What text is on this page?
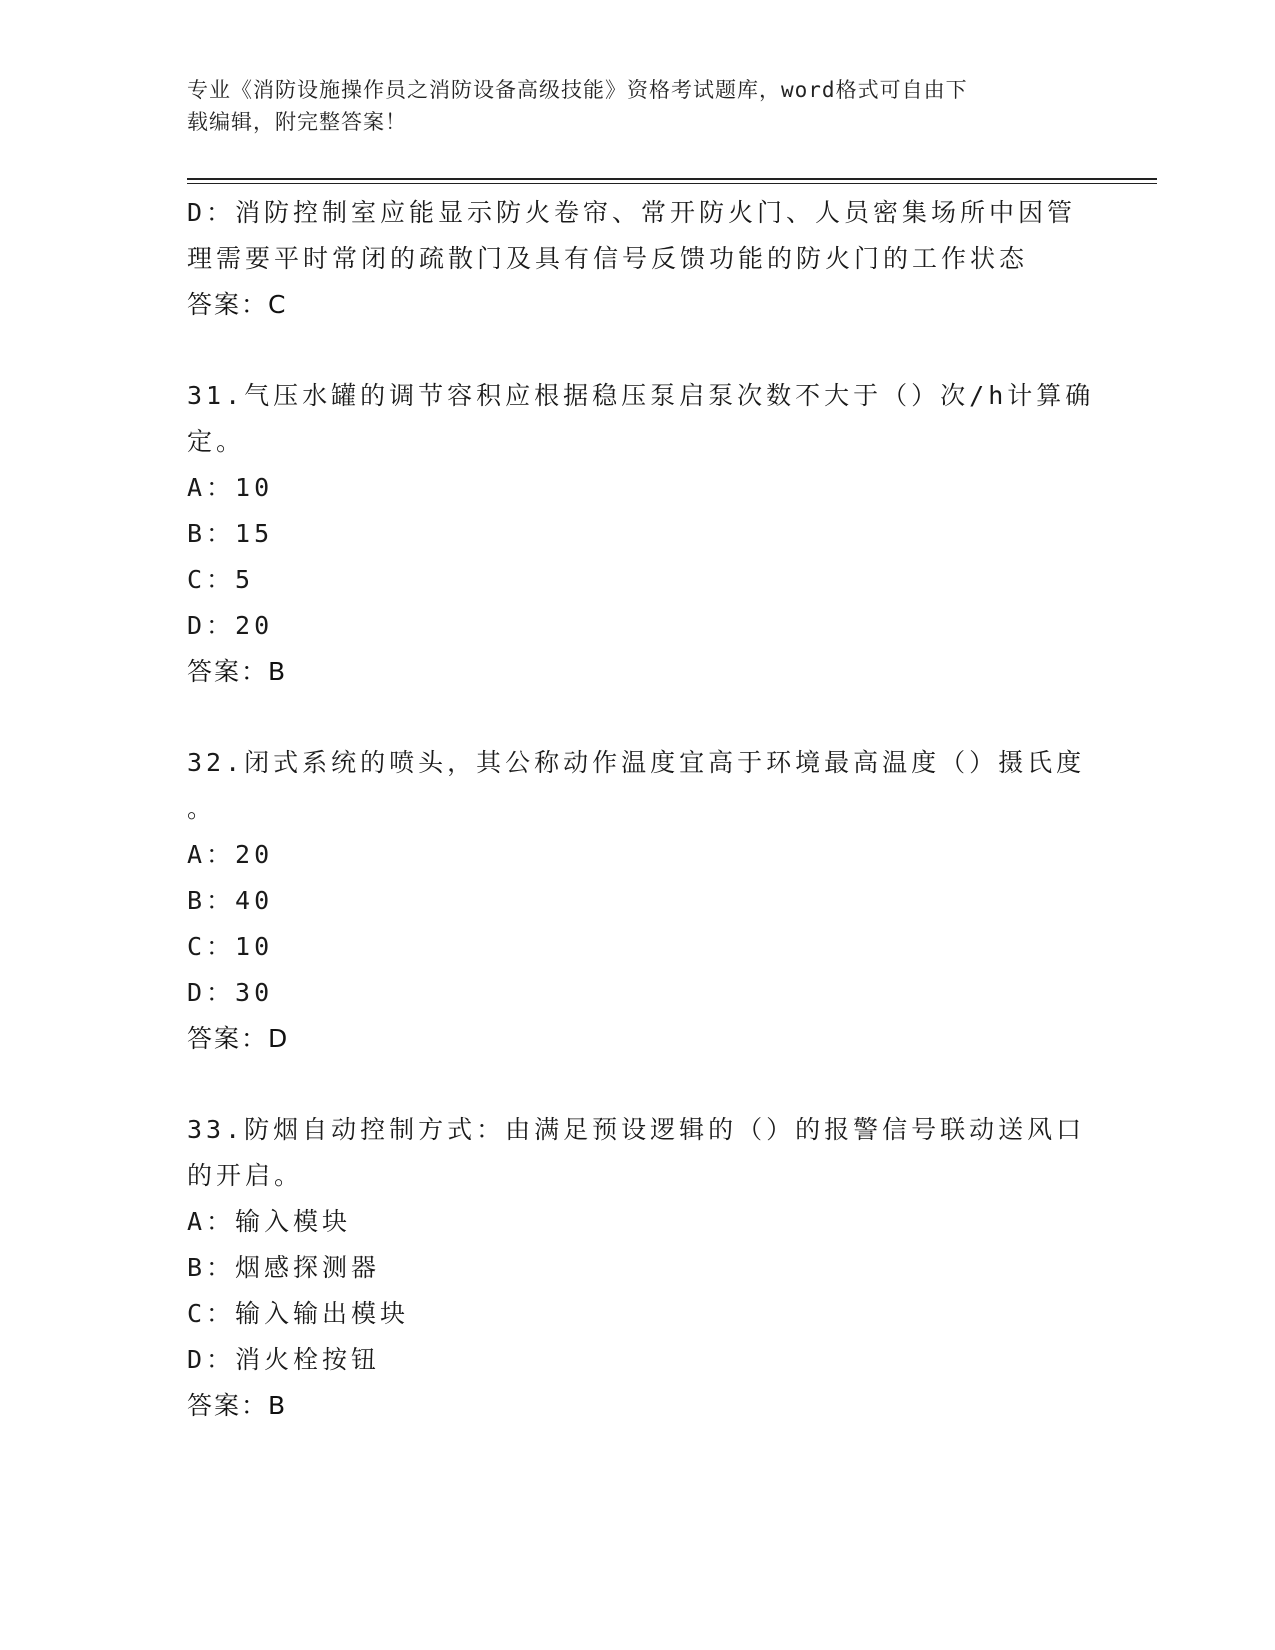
专业《消防设施操作员之消防设备高级技能》资格考试题库，word格式可自由下
载编辑，附完整答案！
D：消防控制室应能显示防火卷帘、常开防火门、人员密集场所中因管
理需要平时常闭的疏散门及具有信号反馈功能的防火门的工作状态
答案：C
31.气压水罐的调节容积应根据稳压泵启泵次数不大于（）次/h计算确
定。
A：10
B：15
C：5
D：20
答案：B
32.闭式系统的喷头，其公称动作温度宜高于环境最高温度（）摄氏度
。
A：20
B：40
C：10
D：30
答案：D
33.防烟自动控制方式：由满足预设逻辑的（）的报警信号联动送风口
的开启。
A：输入模块
B：烟感探测器
C：输入输出模块
D：消火栓按钮
答案：B
